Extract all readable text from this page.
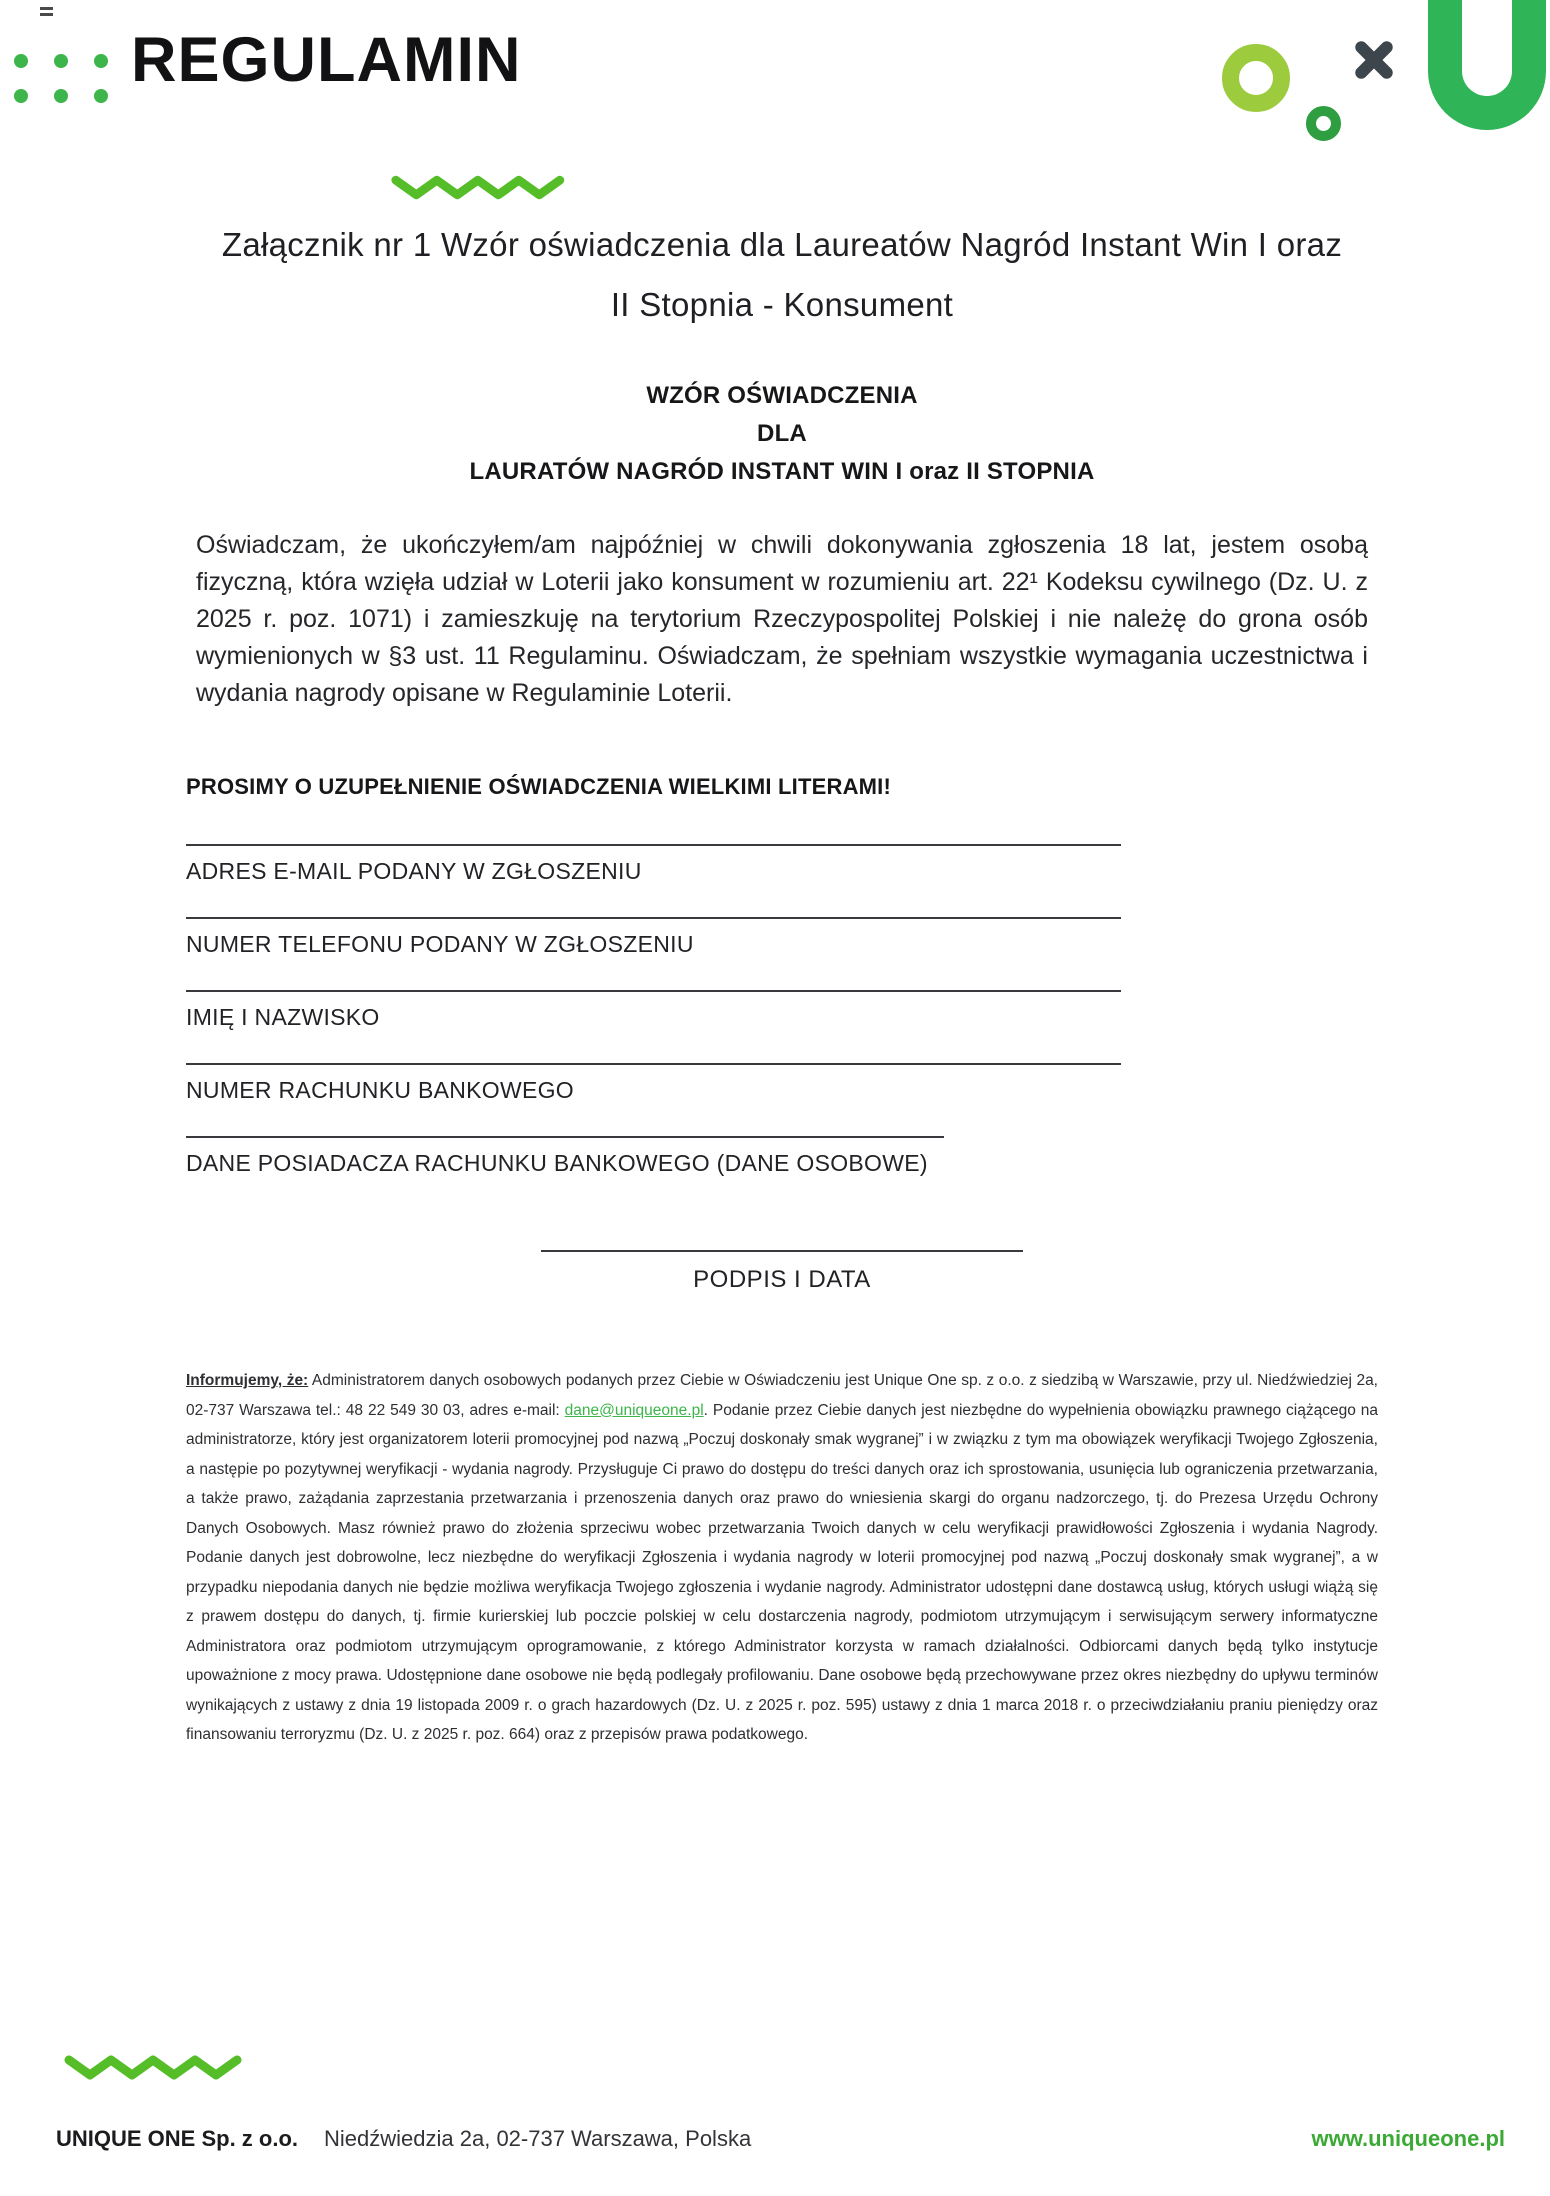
REGULAMIN
Załącznik nr 1 Wzór oświadczenia dla Laureatów Nagród Instant Win I oraz
II Stopnia - Konsument
WZÓR OŚWIADCZENIA
DLA
LAURATÓW NAGRÓD INSTANT WIN I oraz II STOPNIA

Oświadczam, że ukończyłem/am najpóźniej w chwili dokonywania zgłoszenia 18 lat, jestem osobą fizyczną, która wzięła udział w Loterii jako konsument w rozumieniu art. 22¹ Kodeksu cywilnego (Dz. U. z 2025 r. poz. 1071) i zamieszkuję na terytorium Rzeczypospolitej Polskiej i nie należę do grona osób wymienionych w §3 ust. 11 Regulaminu. Oświadczam, że spełniam wszystkie wymagania uczestnictwa i wydania nagrody opisane w Regulaminie Loterii.

PROSIMY O UZUPEŁNIENIE OŚWIADCZENIA WIELKIMI LITERAMI!
ADRES E-MAIL PODANY W ZGŁOSZENIU
NUMER TELEFONU PODANY W ZGŁOSZENIU
IMIĘ I NAZWISKO
NUMER RACHUNKU BANKOWEGO
DANE POSIADACZA RACHUNKU BANKOWEGO (DANE OSOBOWE)
PODPIS I DATA

Informujemy, że: Administratorem danych osobowych podanych przez Ciebie w Oświadczeniu jest Unique One sp. z o.o. z siedzibą w Warszawie, przy ul. Niedźwiedziej 2a, 02-737 Warszawa tel.: 48 22 549 30 03, adres e-mail: dane@uniqueone.pl. Podanie przez Ciebie danych jest niezbędne do wypełnienia obowiązku prawnego ciążącego na administratorze, który jest organizatorem loterii promocyjnej pod nazwą „Poczuj doskonały smak wygranej” i w związku z tym ma obowiązek weryfikacji Twojego Zgłoszenia, a następie po pozytywnej weryfikacji - wydania nagrody. Przysługuje Ci prawo do dostępu do treści danych oraz ich sprostowania, usunięcia lub ograniczenia przetwarzania, a także prawo, zażądania zaprzestania przetwarzania i przenoszenia danych oraz prawo do wniesienia skargi do organu nadzorczego, tj. do Prezesa Urzędu Ochrony Danych Osobowych. Masz również prawo do złożenia sprzeciwu wobec przetwarzania Twoich danych w celu weryfikacji prawidłowości Zgłoszenia i wydania Nagrody. Podanie danych jest dobrowolne, lecz niezbędne do weryfikacji Zgłoszenia i wydania nagrody w loterii promocyjnej pod nazwą „Poczuj doskonały smak wygranej”, a w przypadku niepodania danych nie będzie możliwa weryfikacja Twojego zgłoszenia i wydanie nagrody. Administrator udostępni dane dostawcą usług, których usługi wiążą się z prawem dostępu do danych, tj. firmie kurierskiej lub poczcie polskiej w celu dostarczenia nagrody, podmiotom utrzymującym i serwisującym serwery informatyczne Administratora oraz podmiotom utrzymującym oprogramowanie, z którego Administrator korzysta w ramach działalności. Odbiorcami danych będą tylko instytucje upoważnione z mocy prawa. Udostępnione dane osobowe nie będą podlegały profilowaniu. Dane osobowe będą przechowywane przez okres niezbędny do upływu terminów wynikających z ustawy z dnia 19 listopada 2009 r. o grach hazardowych (Dz. U. z 2025 r. poz. 595) ustawy z dnia 1 marca 2018 r. o przeciwdziałaniu praniu pieniędzy oraz finansowaniu terroryzmu (Dz. U. z 2025 r. poz. 664) oraz z przepisów prawa podatkowego.

UNIQUE ONE Sp. z o.o. Niedźwiedzia 2a, 02-737 Warszawa, Polska	www.uniqueone.pl
